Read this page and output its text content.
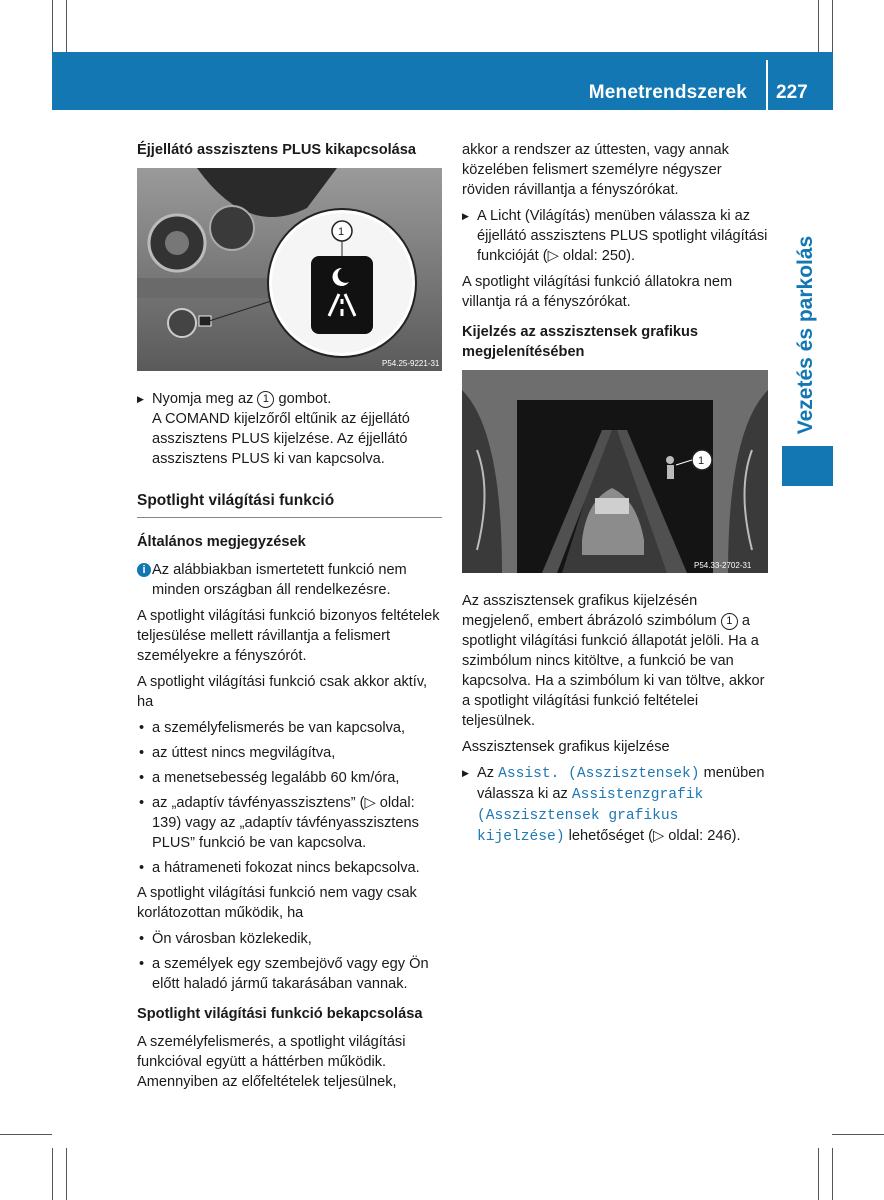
Menetrendszerek 227
Vezetés és parkolás
Éjjellátó asszisztens PLUS kikapcsolása
P54.25-9221-31
1
▶ Nyomja meg az 1 gombot.
A COMAND kijelzőről eltűnik az éjjellátó asszisztens PLUS kijelzése. Az éjjellátó asszisztens PLUS ki van kapcsolva.
Spotlight világítási funkció
Általános megjegyzések
i Az alábbiakban ismertetett funkció nem minden országban áll rendelkezésre.

A spotlight világítási funkció bizonyos feltételek teljesülése mellett rávillantja a felismert személyekre a fényszórót.

A spotlight világítási funkció csak akkor aktív, ha

• a személyfelismerés be van kapcsolva,
• az úttest nincs megvilágítva,
• a menetsebesség legalább 60 km/óra,
• az „adaptív távfényasszisztens” (▷ oldal: 139) vagy az „adaptív távfényasszisztens PLUS” funkció be van kapcsolva.
• a hátrameneti fokozat nincs bekapcsolva.

A spotlight világítási funkció nem vagy csak korlátozottan működik, ha

• Ön városban közlekedik,
• a személyek egy szembejövő vagy egy Ön előtt haladó jármű takarásában vannak.
Spotlight világítási funkció bekapcsolása

A személyfelismerés, a spotlight világítási funkcióval együtt a háttérben működik. Amennyiben az előfeltételek teljesülnek,

akkor a rendszer az úttesten, vagy annak közelében felismert személyre négyszer röviden rávillantja a fényszórókat.

▶ A Licht (Világítás) menüben válassza ki az éjjellátó asszisztens PLUS spotlight világítási funkcióját (▷ oldal: 250).

A spotlight világítási funkció állatokra nem villantja rá a fényszórókat.

Kijelzés az asszisztensek grafikus megjelenítésében
1
P54.33-2702-31

Az asszisztensek grafikus kijelzésén megjelenő, embert ábrázoló szimbólum 1 a spotlight világítási funkció állapotát jelöli. Ha a szimbólum nincs kitöltve, a funkció be van kapcsolva. Ha a szimbólum ki van töltve, akkor a spotlight világítási funkció feltételei teljesülnek.

Asszisztensek grafikus kijelzése

▶ Az Assist. (Asszisztensek) menüben válassza ki az Assistenzgrafik (Asszisztensek grafikus kijelzése) lehetőséget (▷ oldal: 246).
